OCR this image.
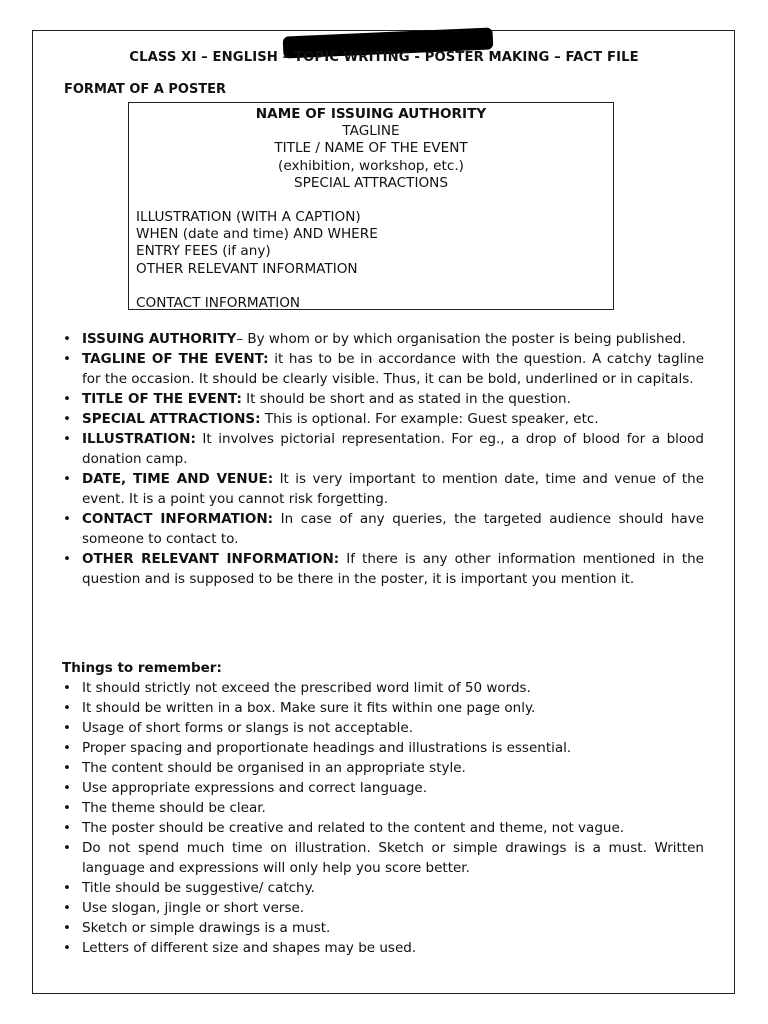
CLASS XI – ENGLISH – TOPIC WRITING - POSTER MAKING – FACT FILE
FORMAT OF A POSTER
NAME OF ISSUING AUTHORITY
TAGLINE
TITLE / NAME OF THE EVENT
(exhibition, workshop, etc.)
SPECIAL ATTRACTIONS
ILLUSTRATION (WITH A CAPTION)
WHEN (date and time) AND WHERE
ENTRY FEES (if any)
OTHER RELEVANT INFORMATION
CONTACT INFORMATION
• ISSUING AUTHORITY– By whom or by which organisation the poster is being published.
• TAGLINE OF THE EVENT: it has to be in accordance with the question. A catchy tagline for the occasion. It should be clearly visible. Thus, it can be bold, underlined or in capitals.
• TITLE OF THE EVENT: It should be short and as stated in the question.
• SPECIAL ATTRACTIONS: This is optional. For example: Guest speaker, etc.
• ILLUSTRATION: It involves pictorial representation. For eg., a drop of blood for a blood donation camp.
• DATE, TIME AND VENUE: It is very important to mention date, time and venue of the event. It is a point you cannot risk forgetting.
• CONTACT INFORMATION: In case of any queries, the targeted audience should have someone to contact to.
• OTHER RELEVANT INFORMATION: If there is any other information mentioned in the question and is supposed to be there in the poster, it is important you mention it.
Things to remember:
• It should strictly not exceed the prescribed word limit of 50 words.
• It should be written in a box. Make sure it fits within one page only.
• Usage of short forms or slangs is not acceptable.
• Proper spacing and proportionate headings and illustrations is essential.
• The content should be organised in an appropriate style.
• Use appropriate expressions and correct language.
• The theme should be clear.
• The poster should be creative and related to the content and theme, not vague.
• Do not spend much time on illustration. Sketch or simple drawings is a must. Written language and expressions will only help you score better.
• Title should be suggestive/ catchy.
• Use slogan, jingle or short verse.
• Sketch or simple drawings is a must.
• Letters of different size and shapes may be used.
